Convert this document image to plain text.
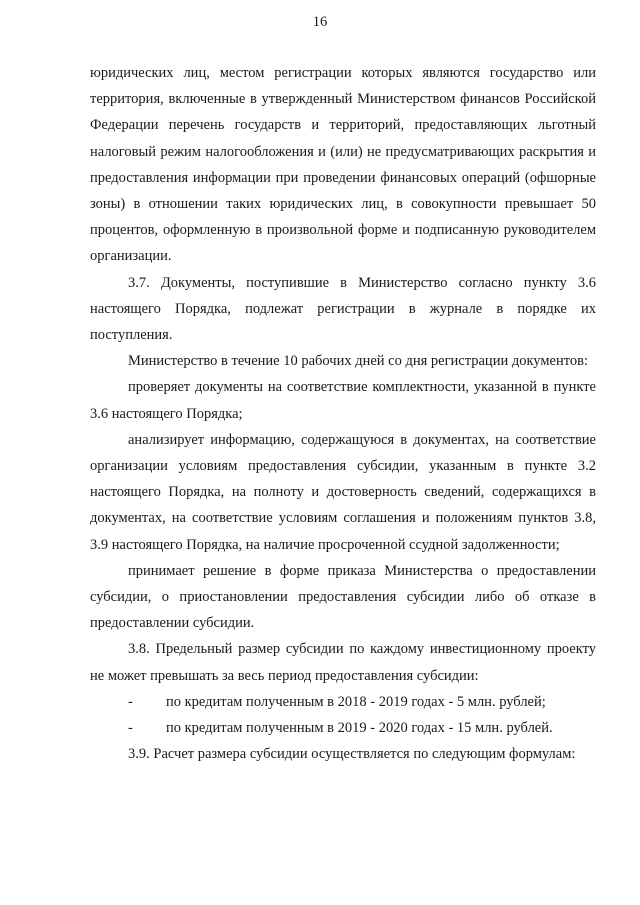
16

юридических лиц, местом регистрации которых являются государство или территория, включенные в утвержденный Министерством финансов Российской Федерации перечень государств и территорий, предоставляющих льготный налоговый режим налогообложения и (или) не предусматривающих раскрытия и предоставления информации при проведении финансовых операций (офшорные зоны) в отношении таких юридических лиц, в совокупности превышает 50 процентов, оформленную в произвольной форме и подписанную руководителем организации.

3.7. Документы, поступившие в Министерство согласно пункту 3.6 настоящего Порядка, подлежат регистрации в журнале в порядке их поступления.

Министерство в течение 10 рабочих дней со дня регистрации документов:

проверяет документы на соответствие комплектности, указанной в пункте 3.6 настоящего Порядка;

анализирует информацию, содержащуюся в документах, на соответствие организации условиям предоставления субсидии, указанным в пункте 3.2 настоящего Порядка, на полноту и достоверность сведений, содержащихся в документах, на соответствие условиям соглашения и положениям пунктов 3.8, 3.9 настоящего Порядка, на наличие просроченной ссудной задолженности;

принимает решение в форме приказа Министерства о предоставлении субсидии, о приостановлении предоставления субсидии либо об отказе в предоставлении субсидии.

3.8. Предельный размер субсидии по каждому инвестиционному проекту не может превышать за весь период предоставления субсидии:

-	по кредитам полученным в 2018 - 2019 годах - 5 млн. рублей;
-	по кредитам полученным в 2019 - 2020 годах - 15 млн. рублей.

3.9. Расчет размера субсидии осуществляется по следующим формулам:
